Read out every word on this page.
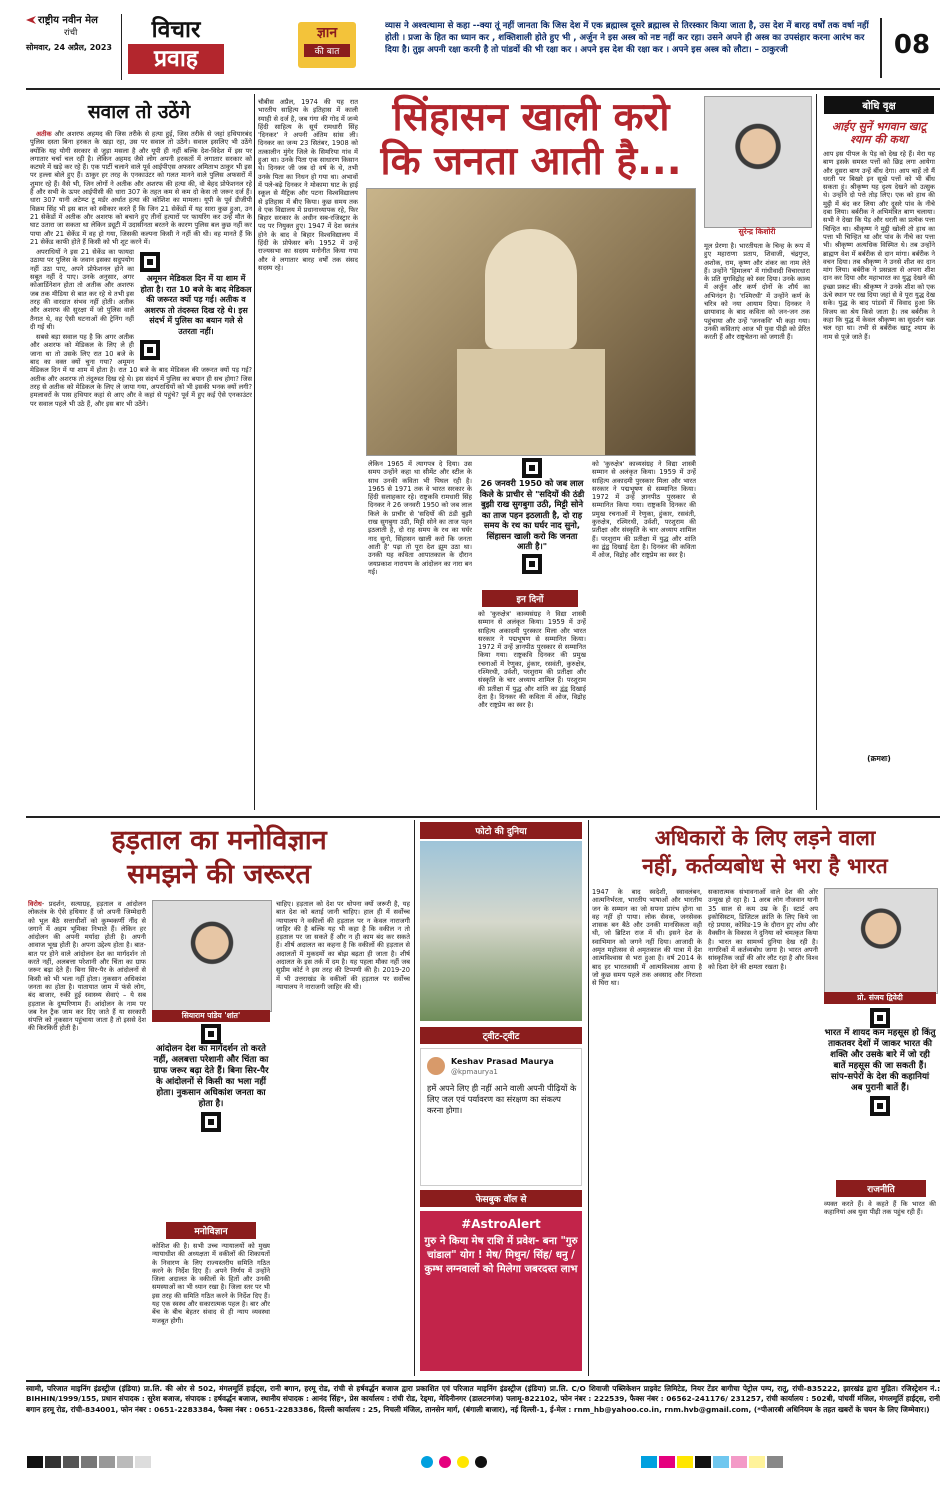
राष्ट्रीय नवीन मेल
रांची
सोमवार, 24 अप्रैल, 2023
विचार
प्रवाह
ज्ञान
की बात
व्यास ने अश्वत्थामा से कहा --क्या तूं नहीं जानता कि जिस देश में एक ब्रह्मास्त्र दूसरे ब्रह्मास्त्र से तिरस्कार किया जाता है, उस देश में बारह वर्षों तक वर्षा नहीं होती । प्रजा के हित का ध्यान कर , शक्तिशाली होते हुए भी , अर्जुन ने इस अस्त्र को नष्ट नहीं कर रहा। उसने अपने ही अस्त्र का उपसंहार करना आरंभ कर दिया है। तुझ अपनी रक्षा करनी है तो पांडवों की भी रक्षा कर । अपने इस देश की रक्षा कर । अपने इस अस्त्र को लौटा। – ठाकुरजी	08
सवाल तो उठेंगे

अतीक और अशरफ अहमद की जिस तरीके से हत्या हुई, जिस तरीके से जहां हथियारबंद पुलिस दस्ता बिना हरकत के खड़ा रहा, उस पर सवाल तो उठेंगे। सवाल इसलिए भी उठेंगे क्योंकि यह योगी सरकार से जुड़ा मसला है और यूपी ही नहीं बल्कि देश-विदेश में इस पर लगातार चर्चा चल रही है। लेकिन अहमद जैसे लोग अपनी हरकतों में लगातार सरकार को कटघरे में खड़े कर रहे हैं। एक पार्टी चलाने वाले पूर्व आईपीएस अफसर अमिताभ ठाकुर भी इस पर हल्ला बोले हुए हैं। ठाकुर हर तरह के एनकाउंटर को गलत मानने वाले पुलिस अफसरों में शुमार रहे हैं। वैसे भी, जिन लोगों ने अतीक और अशरफ की हत्या की, वो बेहद प्रोफेशनल रहे हैं और सभी के ऊपर आईपीसी की धारा 307 के तहत कम से कम दो केस तो जरूर दर्ज हैं। धारा 307 यानी अटेम्प्ट टू मर्डर अर्थात हत्या की कोशिश का मामला। यूपी के पूर्व डीजीपी विक्रम सिंह भी इस बात को स्वीकार करते हैं कि जिन 21 सेकेंडों में यह सारा कुछ हुआ, उन 21 सेकेंडों में अतीक और अशरफ को बचाने हुए तीनों हत्यारों पर फायरिंग कर उन्हें मौत के घाट उतारा जा सकता था लेकिन ड्यूटी में उदासीनता बरतने के कारण पुलिस बल कुछ नहीं कर पाया और 21 सेकेंड में वह हो गया, जिसकी कल्पना किसी ने नहीं की थी। वह मानते हैं कि 21 सेकेंड काफी होते हैं किसी को भी शूट करने में।

अमूमन मेडिकल दिन में या शाम में होता है। रात 10 बजे के बाद मेडिकल की जरूरत क्यों पड़ गई। अतीक व अशरफ तो तंदरुस्त दिख रहे थे। इस संदर्भ में पुलिस का बयान गले से उतरता नहीं।

अपराधियों ने इस 21 सेकेंड का फायदा उठाया पर पुलिस के जवान इसका सदुपयोग नहीं उठा पाए, अपने प्रोफेशनल होने का सबूत नहीं दे पाए। उनके अनुसार, अगर कोआर्डिनेशन होता तो अतीक और अशरफ जब तक मीडिया से बात कर रहे थे तभी इस तरह की वारदात संभव नहीं होती। अतीक और अशरफ की सुरक्षा में जो पुलिस वाले तैनात थे, वह ऐसी घटनाओं की ट्रेनिंग नहीं दी गई थी।

सबसे बड़ा सवाल यह है कि अगर अतीक और अशरफ को मेडिकल के लिए ले ही जाना था तो उसके लिए रात 10 बजे के बाद का वक्त क्यों चुना गया? अमूमन मेडिकल दिन में या शाम में होता है। रात 10 बजे के बाद मेडिकल की जरूरत क्यों पड़ गई? अतीक और अशरफ तो तंदुरुस्त दिख रहे थे। इस संदर्भ में पुलिस का बयान ही सच होगा? जिस तरह से अतीक को मेडिकल के लिए ले जाया गया, अपराधियों को भी इसकी भनक क्यों लगी? हमलावरों के पास हथियार कहां से आए और वे कहां से पहुंचे? पूर्व में हुए कई ऐसे एनकाउंटर पर सवाल पहले भी उठे हैं, और इस बार भी उठेंगे।

चौबीस अप्रैल, 1974 की यह रात भारतीय साहित्य के इतिहास में काली स्याही से दर्ज है, जब गंगा की गोद में जन्मे हिंदी साहित्य के सूर्य रामधारी सिंह 'दिनकर' ने अपनी अंतिम सांस ली। दिनकर का जन्म 23 सितंबर, 1908 को तत्कालीन मुंगेर जिले के सिमरिया गांव में हुआ था। उनके पिता एक साधारण किसान थे। दिनकर जी जब दो वर्ष के थे, तभी उनके पिता का निधन हो गया था। अभावों में पले-बढ़े दिनकर ने मोकामा घाट के हाई स्कूल से मैट्रिक और पटना विश्वविद्यालय से इतिहास में बीए किया। कुछ समय तक वे एक विद्यालय में प्रधानाध्यापक रहे, फिर बिहार सरकार के अधीन सब-रजिस्ट्रार के पद पर नियुक्त हुए। 1947 में देश स्वतंत्र होने के बाद वे बिहार विश्वविद्यालय में हिंदी के प्रोफेसर बने। 1952 में उन्हें राज्यसभा का सदस्य मनोनीत किया गया और वे लगातार बारह वर्षों तक संसद सदस्य रहे।
सिंहासन खाली करो
कि जनता आती है...
लेकिन 1965 में त्यागपत्र दे दिया। उस समय उन्होंने कहा था सीमेंट और स्टील के साथ उनकी कविता भी पिघल रही है। 1965 से 1971 तक वे भारत सरकार के हिंदी सलाहकार रहे। राष्ट्रकवि रामधारी सिंह दिनकर ने 26 जनवरी 1950 को जब लाल किले के प्राचीर से 'सदियों की ठंडी बुझी राख सुगबुगा उठी, मिट्टी सोने का ताज पहन इठलाती है, दो राह समय के रथ का घर्घर नाद सुनो, सिंहासन खाली करो कि जनता आती है' पढ़ा तो पूरा देश झूम उठा था। उनकी यह कविता आपातकाल के दौरान जयप्रकाश नारायण के आंदोलन का नारा बन गई।
26 जनवरी 1950 को जब लाल किले के प्राचीर से "सदियों की ठंडी बुझी राख सुगबुगा उठी, मिट्टी सोने का ताज पहन इठलाती है, दो राह समय के रथ का घर्घर नाद सुनो, सिंहासन खाली करो कि जनता आती है।"
इन दिनों
को 'कुरुक्षेत्र' काव्यसंग्रह ने विद्या शास्त्री सम्मान से अलंकृत किया। 1959 में उन्हें साहित्य अकादमी पुरस्कार मिला और भारत सरकार ने पद्मभूषण से सम्मानित किया। 1972 में उन्हें ज्ञानपीठ पुरस्कार से सम्मानित किया गया। राष्ट्रकवि दिनकर की प्रमुख रचनाओं में रेणुका, हुंकार, रसवंती, कुरुक्षेत्र, रश्मिरथी, उर्वशी, परशुराम की प्रतीक्षा और संस्कृति के चार अध्याय शामिल हैं। परशुराम की प्रतीक्षा में युद्ध और शांति का द्वंद्व दिखाई देता है। दिनकर की कविता में ओज, विद्रोह और राष्ट्रप्रेम का स्वर है।
को 'कुरुक्षेत्र' काव्यसंग्रह ने विद्या शास्त्री सम्मान से अलंकृत किया। 1959 में उन्हें साहित्य अकादमी पुरस्कार मिला और भारत सरकार ने पद्मभूषण से सम्मानित किया। 1972 में उन्हें ज्ञानपीठ पुरस्कार से सम्मानित किया गया। राष्ट्रकवि दिनकर की प्रमुख रचनाओं में रेणुका, हुंकार, रसवंती, कुरुक्षेत्र, रश्मिरथी, उर्वशी, परशुराम की प्रतीक्षा और संस्कृति के चार अध्याय शामिल हैं। परशुराम की प्रतीक्षा में युद्ध और शांति का द्वंद्व दिखाई देता है। दिनकर की कविता में ओज, विद्रोह और राष्ट्रप्रेम का स्वर है।
सुरेन्द्र किशोरी
मूल प्रेरणा है। भारतीयता के चिन्ह के रूप में हुए महाराणा प्रताप, शिवाजी, चंद्रगुप्त, अशोक, राम, कृष्ण और शंकर का नाम लेते हैं। उन्होंने 'हिमालय' में गांधीवादी विचारधारा के प्रति युगविद्रोह को स्वर दिया। उनके काव्य में अर्जुन और कर्ण दोनों के शौर्य का अभिनंदन है। 'रश्मिरथी' में उन्होंने कर्ण के चरित्र को नया आयाम दिया। दिनकर ने छायावाद के बाद कविता को जन-जन तक पहुंचाया और उन्हें 'जनकवि' भी कहा गया। उनकी कविताएं आज भी युवा पीढ़ी को प्रेरित करती हैं और राष्ट्रचेतना को जगाती हैं।
बोधि वृक्ष
आईए सुनें भगवान खाटू श्याम की कथा
आप इस पीपल के पेड़ को देख रहे हैं। मेरा यह बाण इसके समस्त पत्तों को छिद्र लगा आयेगा और दूसरा बाण उन्हें बींध देगा। आप चाहें तो मैं धरती पर बिखरे इन सूखे पत्तों को भी बींध सकता हूं। श्रीकृष्ण यह दृश्य देखने को उत्सुक थे। उन्होंने दो पत्ते तोड़ लिए। एक को हाथ की मुट्ठी में बंद कर लिया और दूसरे पांव के नीचे दबा लिया। बर्बरीक ने अभिमंत्रित बाण चलाया। सभी ने देखा कि पेड़ और धरती का प्रत्येक पत्ता चिन्हित था। श्रीकृष्ण ने मुट्ठी खोली तो हाथ का पत्ता भी चिन्हित था और पांव के नीचे का पत्ता भी। श्रीकृष्ण अत्यधिक विस्मित थे। तब उन्होंने ब्राह्मण वेश में बर्बरीक से दान मांगा। बर्बरीक ने वचन दिया। तब श्रीकृष्ण ने उनसे शीश का दान मांग लिया। बर्बरीक ने प्रसन्नता से अपना शीश दान कर दिया और महाभारत का युद्ध देखने की इच्छा प्रकट की। श्रीकृष्ण ने उनके शीश को एक ऊंचे स्थान पर रख दिया जहां से वे पूरा युद्ध देख सके। युद्ध के बाद पांडवों में विवाद हुआ कि विजय का श्रेय किसे जाता है। तब बर्बरीक ने कहा कि युद्ध में केवल श्रीकृष्ण का सुदर्शन चक्र चल रहा था। तभी से बर्बरीक खाटू श्याम के नाम से पूजे जाते हैं।
(क्रमशः)
हड़ताल का मनोविज्ञान
समझने की जरूरत
विरोध- प्रदर्शन, सत्याग्रह, हड़ताल व आंदोलन लोकतंत्र के ऐसे हथियार हैं जो अपनी जिम्मेदारी को भूल बैठे सत्ताधीशों को कुम्भकर्णी नींद से जगाने में अहम भूमिका निभाते हैं। लेकिन हर आंदोलन की अपनी मर्यादा होती है। अपनी आवाज भूख होती है। अपना उद्देश्य होता है। बात-बात पर होने वाले आंदोलन देश का मार्गदर्शन तो करते नहीं, अलबत्ता परेशानी और चिंता का ग्राफ जरूर बढ़ा देते हैं। बिना सिर-पैर के आंदोलनों से किसी को भी भला नहीं होता। नुकसान अधिकांश जनता का होता है। यातायात जाम में फंसे लोग, बंद बाजार, रुकी हुई स्वास्थ्य सेवाएं – ये सब हड़ताल के दुष्परिणाम हैं। आंदोलन के नाम पर जब रेल ट्रैक जाम कर दिए जाते हैं या सरकारी संपत्ति को नुकसान पहुंचाया जाता है तो इससे देश की किरकिरी होती है।
सियाराम पांडेय 'शांत'
आंदोलन देश का मार्गदर्शन तो करते नहीं, अलबत्ता परेशानी और चिंता का ग्राफ जरूर बढ़ा देते हैं। बिना सिर-पैर के आंदोलनों से किसी का भला नहीं होता। नुकसान अधिकांश जनता का होता है।
मनोविज्ञान
कोशिश की है। सभी उच्च न्यायालयों को मुख्य न्यायाधीश की अध्यक्षता में वकीलों की शिकायतों के निवारण के लिए राज्यस्तरीय समिति गठित करने के निर्देश दिए हैं। अपने निर्णय में उन्होंने जिला अदालत के वकीलों के हितों और उनकी समस्याओं का भी ध्यान रखा है। जिला स्तर पर भी इस तरह की समिति गठित करने के निर्देश दिए हैं। यह एक स्वस्थ और सकारात्मक पहल है। बार और बेंच के बीच बेहतर संवाद से ही न्याय व्यवस्था मजबूत होगी।
चाहिए। हड़ताल को देश पर थोपना क्यों जरूरी है, यह बात देश को बताई जानी चाहिए। हाल ही में सर्वोच्च न्यायालय ने वकीलों की हड़ताल पर न केवल नाराजगी जाहिर की है बल्कि यह भी कहा है कि वकील न तो हड़ताल पर जा सकते हैं और न ही काम बंद कर सकते हैं। शीर्ष अदालत का कहना है कि वकीलों की हड़ताल से अदालतों में मुकदमों का बोझ बढ़ता ही जाता है। शीर्ष अदालत के इस तर्क में दम है। यह पहला मौका नहीं जब सुप्रीम कोर्ट ने इस तरह की टिप्पणी की है। 2019-20 में भी उत्तराखंड के वकीलों की हड़ताल पर सर्वोच्च न्यायालय ने नाराजगी जाहिर की थी।
फोटो की दुनिया
ट्वीट-ट्वीट
Keshav Prasad Maurya
@kpmaurya1
हमें अपने लिए ही नहीं आने वाली अपनी पीढ़ियों के लिए जल एवं पर्यावरण का संरक्षण का संकल्प करना होगा।
फेसबुक वॉल से
#AstroAlert
गुरु ने किया मेष राशि में प्रवेश- बना "गुरु चांडाल" योग ! मेष/ मिथुन/ सिंह/ धनु / कुम्भ लग्नवालों को मिलेगा जबरदस्त लाभ
अधिकारों के लिए लड़ने वाला
नहीं, कर्तव्यबोध से भरा है भारत
1947 के बाद स्वदेशी, स्वावलंबन, आत्मनिर्भरता, भारतीय भाषाओं और भारतीय जन के सम्मान का जो सपना प्रारंभ होना था वह नहीं हो पाया। लोक सेवक, जनसेवक शासक बन बैठे और उनकी मानसिकता वही थी, जो ब्रिटिश राज में थी। इसने देश के स्वाभिमान को जगने नहीं दिया। आजादी के अमृत महोत्सव से अमृतकाल की यात्रा में देश आत्मविश्वास से भरा हुआ है। वर्ष 2014 के बाद हर भारतवासी में आत्मविश्वास आया है जो कुछ समय पहले तक अवसाद और निराशा से घिरा था।
सकारात्मक संभावनाओं वाले देश की ओर उन्मुख हो रहा है। 1 अरब लोग नौजवान यानी 35 साल से कम उम्र के हैं। स्टार्ट अप इकोसिस्टम, डिजिटल क्रांति के लिए किये जा रहे प्रयास, कोविड-19 के दौरान हुए शोध और वैक्सीन के विकास ने दुनिया को चमत्कृत किया है। भारत का सामर्थ्य दुनिया देख रही है। नागरिकों में कर्तव्यबोध जागा है। भारत अपनी सांस्कृतिक जड़ों की ओर लौट रहा है और विश्व को दिशा देने की क्षमता रखता है।
प्रो. संजय द्विवेदी
भारत में शायद कम महसूस हो किंतु ताकतवर देशों में जाकर भारत की शक्ति और उसके बारे में जो रही बातें महसूस की जा सकती हैं। सांप-सपेरों के देश की कहानियां अब पुरानी बातें हैं।
राजनीति
व्यक्त करते हैं। वे कहते हैं कि भारत की कहानियां अब युवा पीढ़ी तक पहुंच रही हैं।
स्वामी, परिजात माइनिंग इंडस्ट्रीज (इंडिया) प्रा.लि. की ओर से 502, मंगलमूर्ति हाईट्स, रानी बगान, हरमू रोड, रांची से हर्षवर्द्धन बजाज द्वारा प्रकाशित एवं परिजात माइनिंग इंडस्ट्रीज (इंडिया) प्रा.लि. C/O शिवाजी पब्लिकेशन प्राइवेट लिमिटेड, नियर टेंडर बागीचा पेट्रोल पम्प, रातू, रांची-835222, झारखंड द्वारा मुद्रित। रजिस्ट्रेशन नं.: BIHHIN/1999/155, प्रधान संपादक : सुरेश बजाज, संपादक : हर्षवर्द्धन बजाज, स्थानीय संपादक : आनंद सिंह*, प्रेस कार्यालय : रांची रोड, रेड्मा, मेदिनीनगर (डालटनगंज) पलामू-822102, फोन नंबर : 222539, फैक्स नंबर : 06562-241176/ 231257, रांची कार्यालय : 502बी, पांचवीं मंजिल, मंगलमूर्ति हाईट्स, रानी बगान हरमू रोड, रांची-834001, फोन नंबर : 0651-2283384, फैक्स नंबर : 0651-2283386, दिल्ली कार्यालय : 25, निचली मंजिल, तानसेन मार्ग, (बंगाली बाजार), नई दिल्ली-1, ई-मेल : rnm_hb@yahoo.co.in, rnm.hvb@gmail.com, (*पीआरबी अधिनियम के तहत खबरों के चयन के लिए जिम्मेवार।)
